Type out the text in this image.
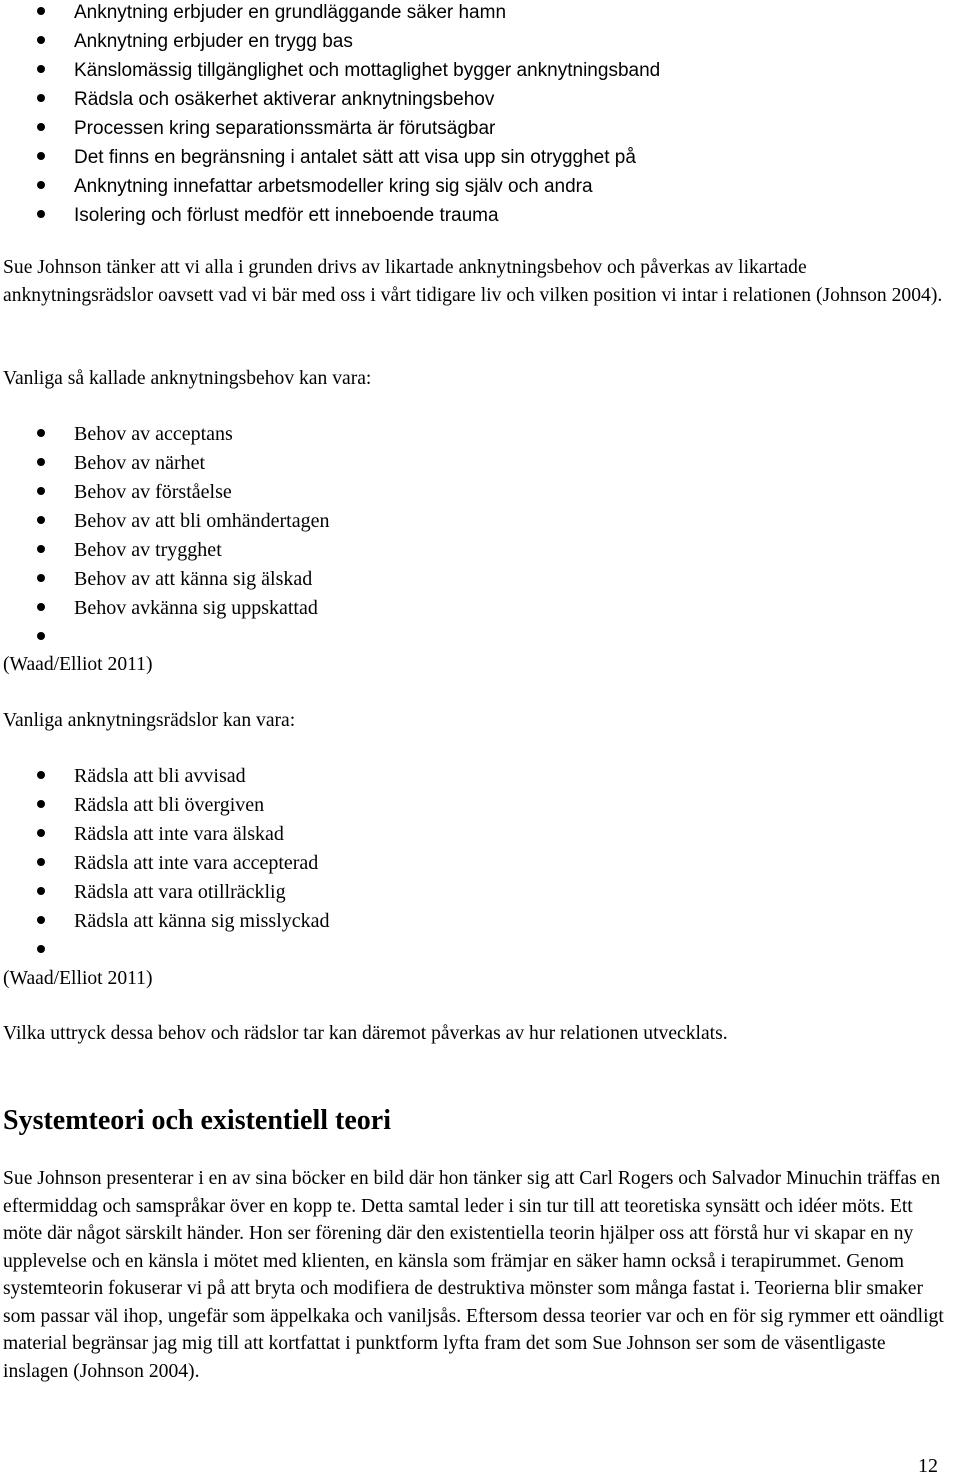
Anknytning erbjuder en grundläggande säker hamn
Anknytning erbjuder en trygg bas
Känslomässig tillgänglighet och mottaglighet bygger anknytningsband
Rädsla och osäkerhet aktiverar anknytningsbehov
Processen kring separationssmärta är förutsägbar
Det finns en begränsning i antalet sätt att visa upp sin otrygghet på
Anknytning innefattar arbetsmodeller kring sig själv och andra
Isolering och förlust medför ett inneboende trauma

Sue Johnson tänker att vi alla i grunden drivs av likartade anknytningsbehov och påverkas av likartade anknytningsrädslor oavsett vad vi bär med oss i vårt tidigare liv och vilken position vi intar i relationen (Johnson 2004).

Vanliga så kallade anknytningsbehov kan vara:

Behov av acceptans
Behov av närhet
Behov av förståelse
Behov av att bli omhändertagen
Behov av trygghet
Behov av att känna sig älskad
Behov avkänna sig uppskattad

(Waad/Elliot 2011)

Vanliga anknytningsrädslor kan vara:

Rädsla att bli avvisad
Rädsla att bli övergiven
Rädsla att inte vara älskad
Rädsla att inte vara accepterad
Rädsla att vara otillräcklig
Rädsla att känna sig misslyckad

(Waad/Elliot 2011)

Vilka uttryck dessa behov och rädslor tar kan däremot påverkas av hur relationen utvecklats.

Systemteori och existentiell teori

Sue Johnson presenterar i en av sina böcker en bild där hon tänker sig att Carl Rogers och Salvador Minuchin träffas en eftermiddag och samspråkar över en kopp te. Detta samtal leder i sin tur till att teoretiska synsätt och idéer möts. Ett möte där något särskilt händer. Hon ser förening där den existentiella teorin hjälper oss att förstå hur vi skapar en ny upplevelse och en känsla i mötet med klienten, en känsla som främjar en säker hamn också i terapirummet. Genom systemteorin fokuserar vi på att bryta och modifiera de destruktiva mönster som många fastat i. Teorierna blir smaker som passar väl ihop, ungefär som äppelkaka och vaniljsås. Eftersom dessa teorier var och en för sig rymmer ett oändligt material begränsar jag mig till att kortfattat i punktform lyfta fram det som Sue Johnson ser som de väsentligaste inslagen (Johnson 2004).

12
